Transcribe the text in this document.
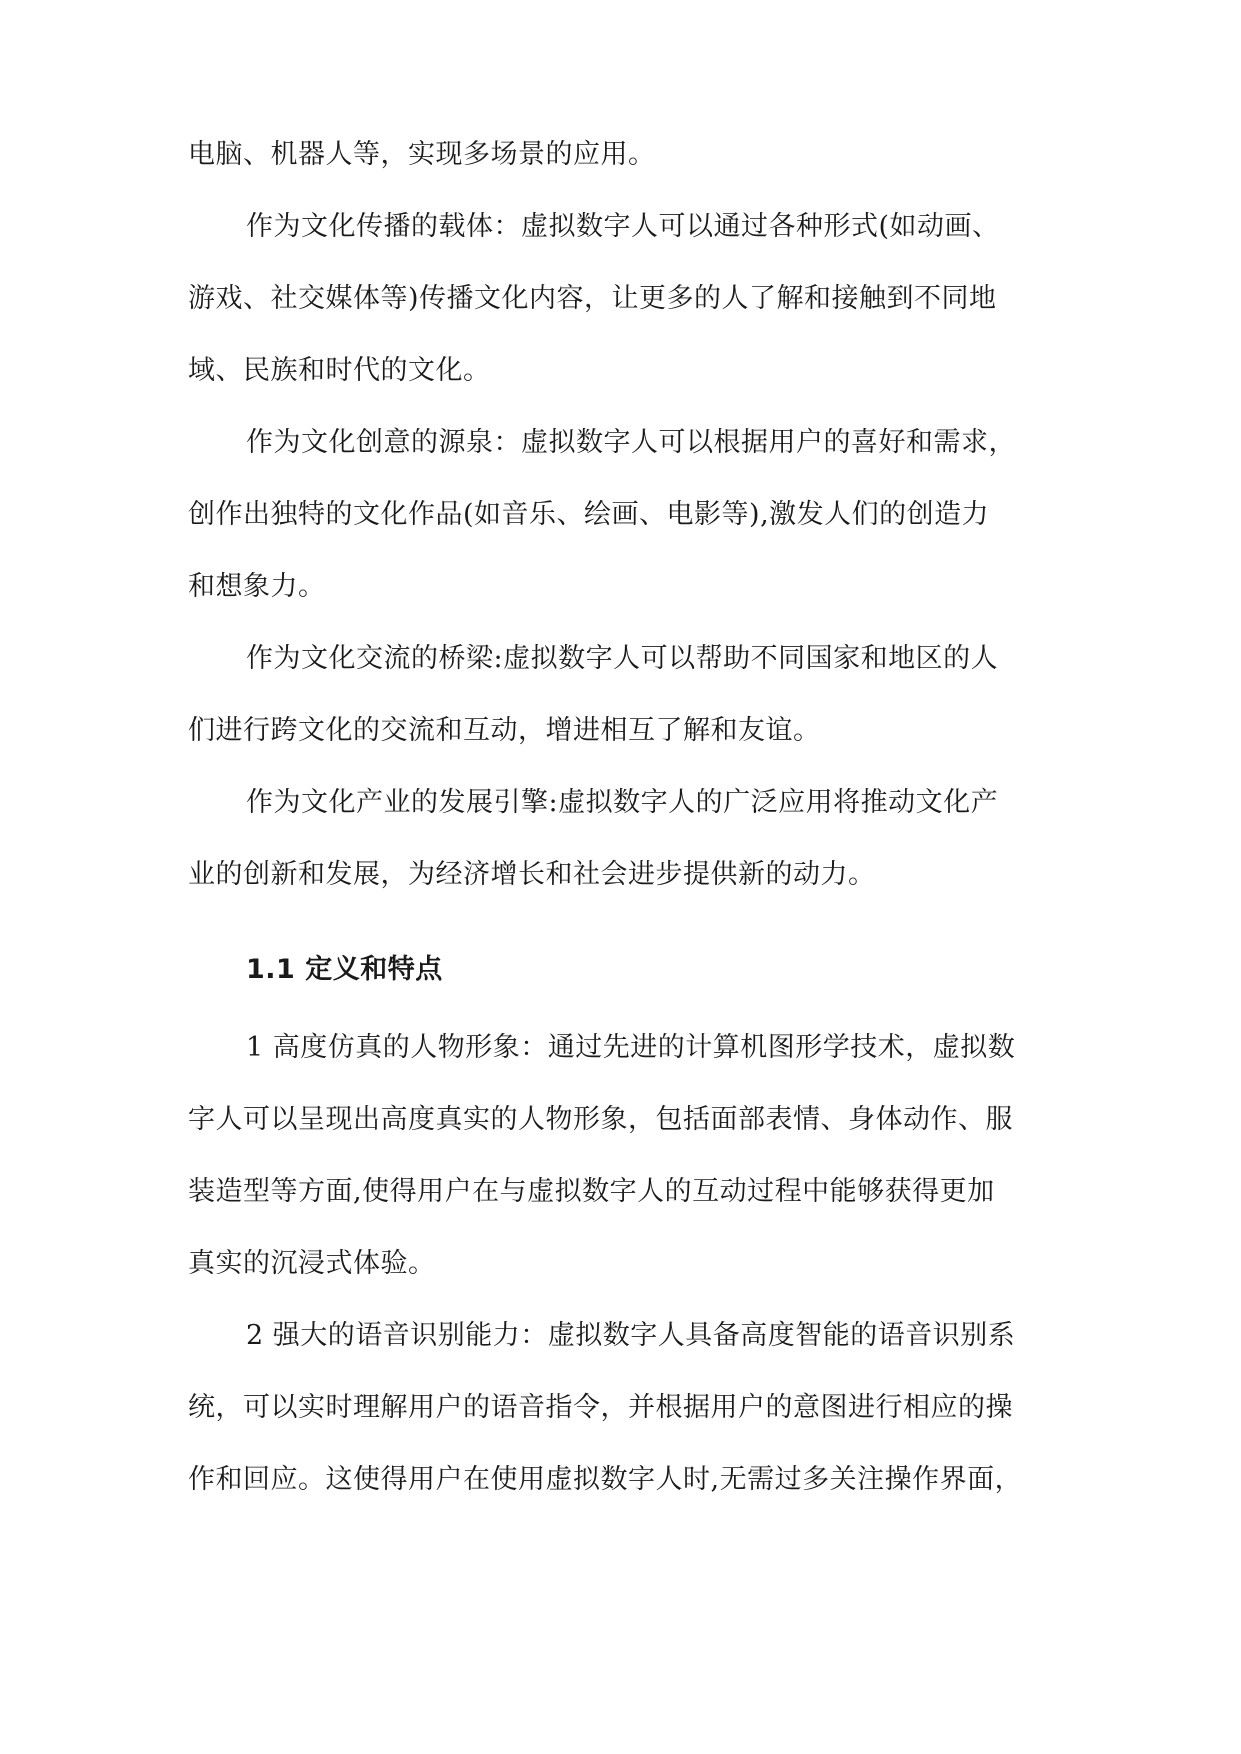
电脑、机器人等，实现多场景的应用。
作为文化传播的载体：虚拟数字人可以通过各种形式(如动画、
游戏、社交媒体等)传播文化内容，让更多的人了解和接触到不同地
域、民族和时代的文化。
作为文化创意的源泉：虚拟数字人可以根据用户的喜好和需求，
创作出独特的文化作品(如音乐、绘画、电影等),激发人们的创造力
和想象力。
作为文化交流的桥梁:虚拟数字人可以帮助不同国家和地区的人
们进行跨文化的交流和互动，增进相互了解和友谊。
作为文化产业的发展引擎:虚拟数字人的广泛应用将推动文化产
业的创新和发展，为经济增长和社会进步提供新的动力。
1.1 定义和特点
1 高度仿真的人物形象：通过先进的计算机图形学技术，虚拟数
字人可以呈现出高度真实的人物形象，包括面部表情、身体动作、服
装造型等方面,使得用户在与虚拟数字人的互动过程中能够获得更加
真实的沉浸式体验。
2 强大的语音识别能力：虚拟数字人具备高度智能的语音识别系
统，可以实时理解用户的语音指令，并根据用户的意图进行相应的操
作和回应。这使得用户在使用虚拟数字人时,无需过多关注操作界面，
